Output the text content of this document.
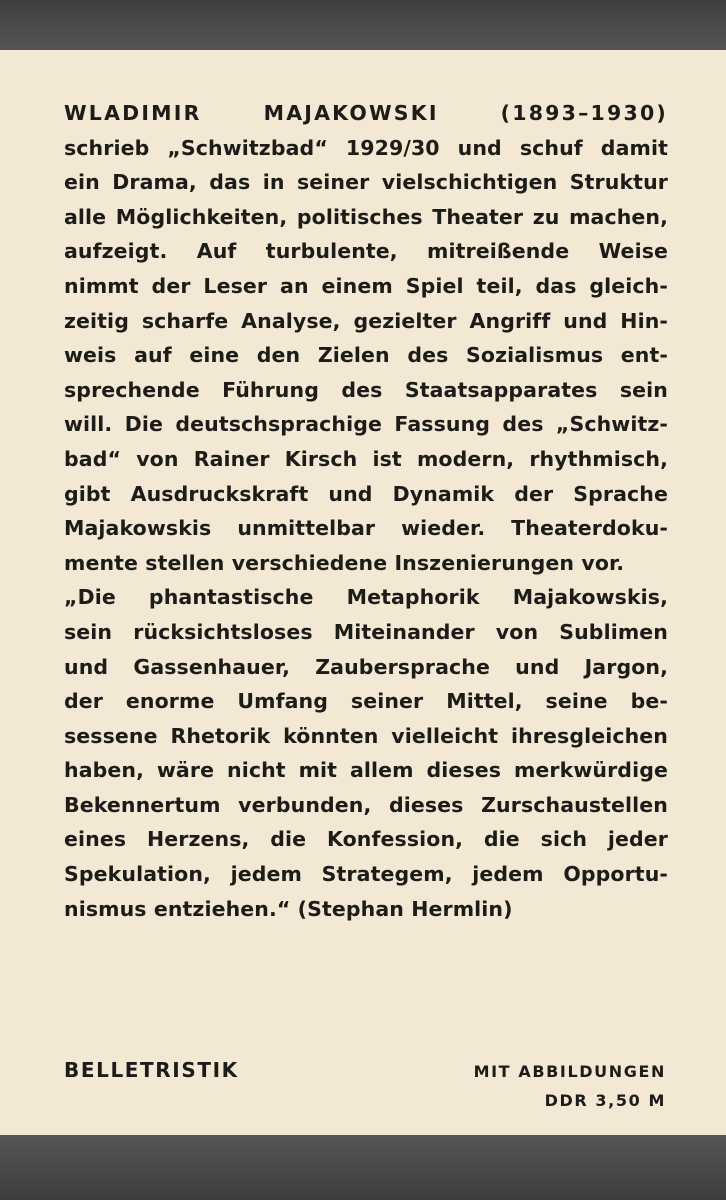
WLADIMIR MAJAKOWSKI (1893–1930)
schrieb „Schwitzbad“ 1929/30 und schuf damit
ein Drama, das in seiner vielschichtigen Struktur
alle Möglichkeiten, politisches Theater zu machen,
aufzeigt. Auf turbulente, mitreißende Weise
nimmt der Leser an einem Spiel teil, das gleich-
zeitig scharfe Analyse, gezielter Angriff und Hin-
weis auf eine den Zielen des Sozialismus ent-
sprechende Führung des Staatsapparates sein
will. Die deutschsprachige Fassung des „Schwitz-
bad“ von Rainer Kirsch ist modern, rhythmisch,
gibt Ausdruckskraft und Dynamik der Sprache
Majakowskis unmittelbar wieder. Theaterdoku-
mente stellen verschiedene Inszenierungen vor.
„Die phantastische Metaphorik Majakowskis,
sein rücksichtsloses Miteinander von Sublimen
und Gassenhauer, Zaubersprache und Jargon,
der enorme Umfang seiner Mittel, seine be-
sessene Rhetorik könnten vielleicht ihresgleichen
haben, wäre nicht mit allem dieses merkwürdige
Bekennertum verbunden, dieses Zurschaustellen
eines Herzens, die Konfession, die sich jeder
Spekulation, jedem Strategem, jedem Opportu-
nismus entziehen.“ (Stephan Hermlin)
BELLETRISTIK	MIT ABBILDUNGEN
DDR 3,50 M
